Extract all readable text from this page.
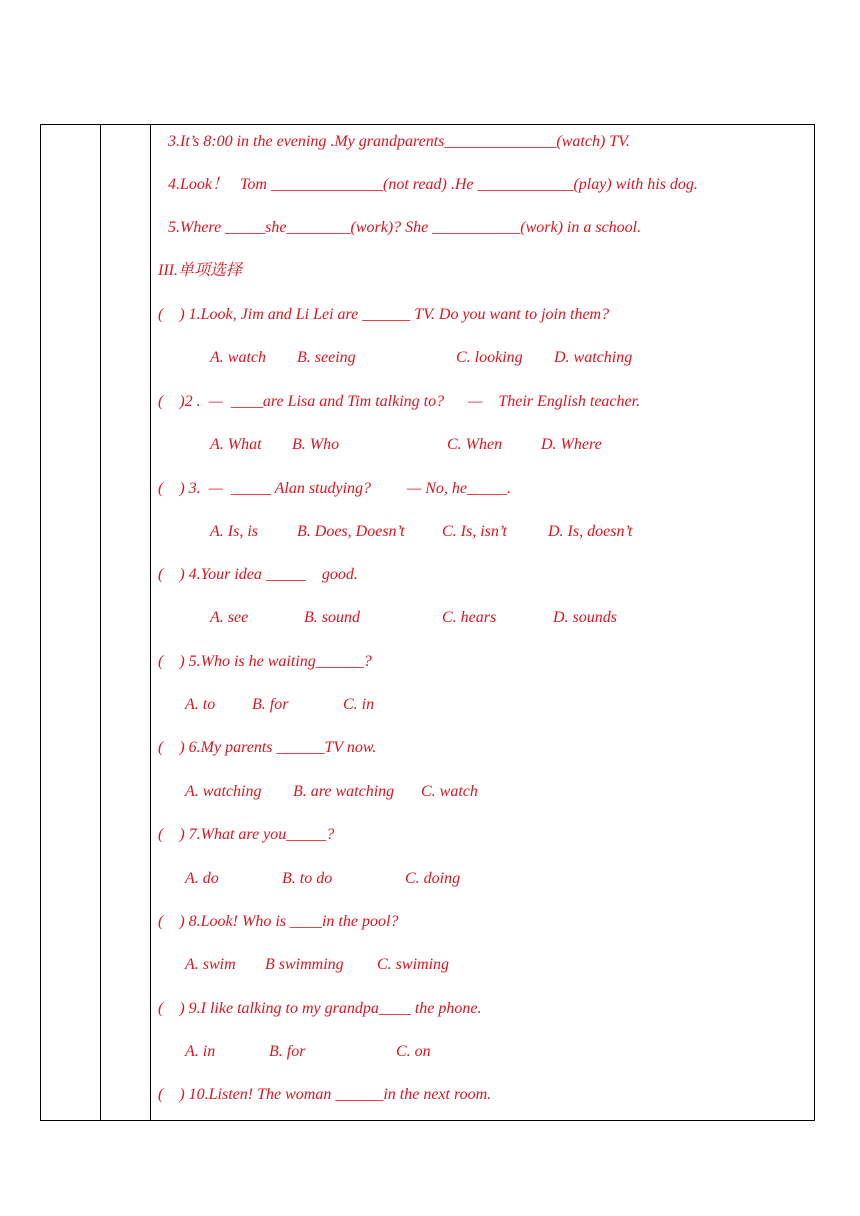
3.It’s 8:00 in the evening .My grandparents______________(watch) TV.
4.Look！   Tom ______________(not read) .He ____________(play) with his dog.
5.Where _____she________(work)? She ___________(work) in a school.
III.单项选择
(    ) 1.Look, Jim and Li Lei are ______ TV. Do you want to join them?
A. watch B. seeing	C. looking D. watching
(    )2 .  —  ____are Lisa and Tim talking to?      —    Their English teacher.
A. What B. Who	C. When D. Where
(    ) 3.  —  _____ Alan studying?         — No, he_____.
A. Is, is B. Does, Doesn’t C. Is, isn’t	D. Is, doesn’t
(    ) 4.Your idea _____    good.
A. see	B. sound	C. hears	D. sounds
(    ) 5.Who is he waiting______?
A. to B. for	C. in
(    ) 6.My parents ______TV now.
A. watching B. are watching C. watch
(    ) 7.What are you_____?
A. do	B. to do	C. doing
(    ) 8.Look! Who is ____in the pool?
A. swim B swimming C. swiming
(    ) 9.I like talking to my grandpa____ the phone.
A. in	B. for	C. on
(    ) 10.Listen! The woman ______in the next room.
